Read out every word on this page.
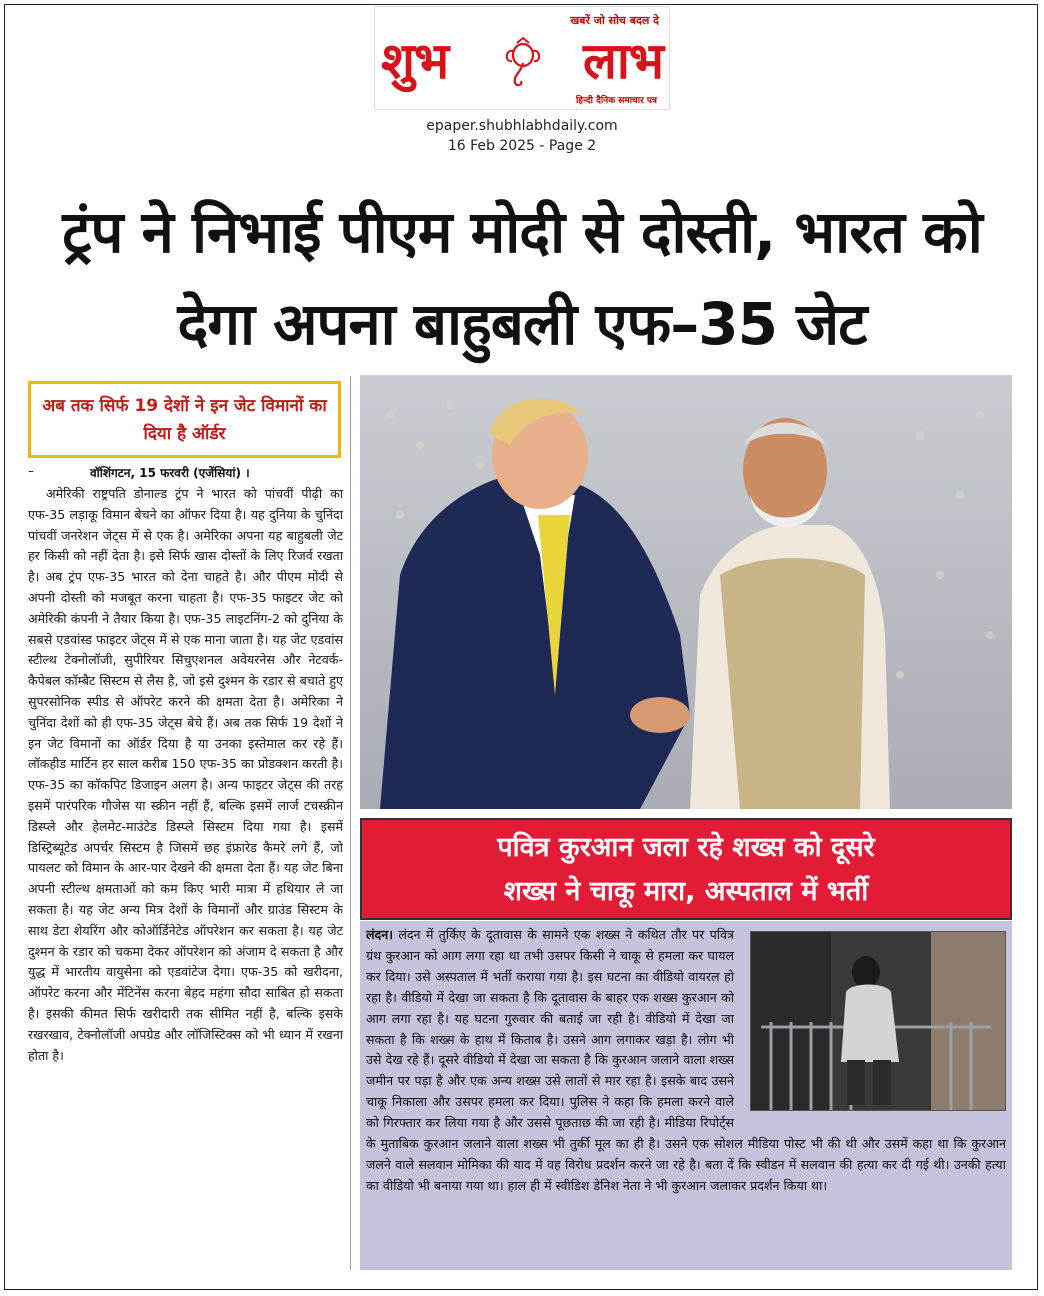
खबरें जो सोच बदल दे
शुभ	लाभ
हिन्दी दैनिक समाचार पत्र
epaper.shubhlabhdaily.com
16 Feb 2025 - Page 2
ट्रंप ने निभाई पीएम मोदी से दोस्ती, भारत को देगा अपना बाहुबली एफ–35 जेट
अब तक सिर्फ 19 देशों ने इन जेट विमानों का दिया है ऑर्डर
–	वॉशिंगटन, 15 फरवरी (एजेंसियां) ।
अमेरिकी राष्ट्रपति डोनाल्ड ट्रंप ने भारत को पांचवीं पीढ़ी का एफ-35 लड़ाकू विमान बेचने का ऑफर दिया है। यह दुनिया के चुनिंदा पांचवीं जनरेशन जेट्स में से एक है। अमेरिका अपना यह बाहुबली जेट हर किसी को नहीं देता है। इसे सिर्फ खास दोस्तों के लिए रिजर्व रखता है। अब ट्रंप एफ-35 भारत को देना चाहते है। और पीएम मोदी से अपनी दोस्ती को मजबूत करना चाहता है। एफ-35 फाइटर जेट को अमेरिकी कंपनी ने तैयार किया है। एफ-35 लाइटनिंग-2 को दुनिया के सबसे एडवांस्ड फाइटर जेट्स में से एक माना जाता है। यह जेट एडवांस स्टील्थ टेक्नोलॉजी, सुपीरियर सिचुएशनल अवेयरनेस और नेटवर्क-कैपेबल कॉम्बैट सिस्टम से लैस है, जो इसे दुश्मन के रडार से बचाते हुए सुपरसोनिक स्पीड से ऑपरेट करने की क्षमता देता है। अमेरिका ने चुनिंदा देशों को ही एफ-35 जेट्स बेचे हैं। अब तक सिर्फ 19 देशों ने इन जेट विमानों का ऑर्डर दिया है या उनका इस्तेमाल कर रहे हैं। लॉकहीड मार्टिन हर साल करीब 150 एफ-35 का प्रोडक्शन करती है। एफ-35 का कॉकपिट डिजाइन अलग है। अन्य फाइटर जेट्स की तरह इसमें पारंपरिक गौजेस या स्क्रीन नहीं हैं, बल्कि इसमें लार्ज टचस्क्रीन डिस्प्ले और हेलमेट-माउंटेड डिस्प्ले सिस्टम दिया गया है। इसमें डिस्ट्रिब्यूटेड अपर्चर सिस्टम है जिसमें छह इंफ्रारेड कैमरे लगे हैं, जो पायलट को विमान के आर-पार देखने की क्षमता देता हैं। यह जेट बिना अपनी स्टील्थ क्षमताओं को कम किए भारी मात्रा में हथियार ले जा सकता है। यह जेट अन्य मित्र देशों के विमानों और ग्राउंड सिस्टम के साथ डेटा शेयरिंग और कोऑर्डिनेटेड ऑपरेशन कर सकता है। यह जेट दुश्मन के रडार को चकमा देकर ऑपरेशन को अंजाम दे सकता है और युद्ध में भारतीय वायुसेना को एडवांटेज देगा। एफ-35 को खरीदना, ऑपरेट करना और मेंटिनेंस करना बेहद महंगा सौदा साबित हो सकता है। इसकी कीमत सिर्फ खरीदारी तक सीमित नहीं है, बल्कि इसके रखरखाव, टेक्नोलॉजी अपग्रेड और लॉजिस्टिक्स को भी ध्यान में रखना होता है।
पवित्र कुरआन जला रहे शख्स को दूसरे
शख्स ने चाकू मारा, अस्पताल में भर्ती
लंदन। लंदन में तुर्किए के दूतावास के सामने एक शख्स ने कथित तौर पर पवित्र ग्रंथ कुरआन को आग लगा रहा था तभी उसपर किसी ने चाकू से हमला कर घायल कर दिया। उसे अस्पताल में भर्ती कराया गया है। इस घटना का वीडियो वायरल हो रहा है। वीडियो में देखा जा सकता है कि दूतावास के बाहर एक शख्स कुरआन को आग लगा रहा है। यह घटना गुरुवार की बताई जा रही है। वीडियो में देखा जा सकता है कि शख्स के हाथ में किताब है। उसने आग लगाकर खड़ा है। लोग भी उसे देख रहे हैं। दूसरे वीडियो में देखा जा सकता है कि कुरआन जलाने वाला शख्स जमीन पर पड़ा है और एक अन्य शख्स उसे लातों से मार रहा है। इसके बाद उसने चाकू निकाला और उसपर हमला कर दिया। पुलिस ने कहा कि हमला करने वाले को गिरफ्तार कर लिया गया है और उससे पूछताछ की जा रही है। मीडिया रिपोर्ट्स के मुताबिक कुरआन जलाने वाला शख्स भी तुर्की मूल का ही है। उसने एक सोशल मीडिया पोस्ट भी की थी और उसमें कहा था कि कुरआन जलने वाले सलवान मोमिका की याद में वह विरोध प्रदर्शन करने जा रहे है। बता दें कि स्वीडन में सलवान की हत्या कर दी गई थी। उनकी हत्या का वीडियो भी बनाया गया था। हाल ही में स्वीडिश डेनिश नेता ने भी कुरआन जलाकर प्रदर्शन किया था।
